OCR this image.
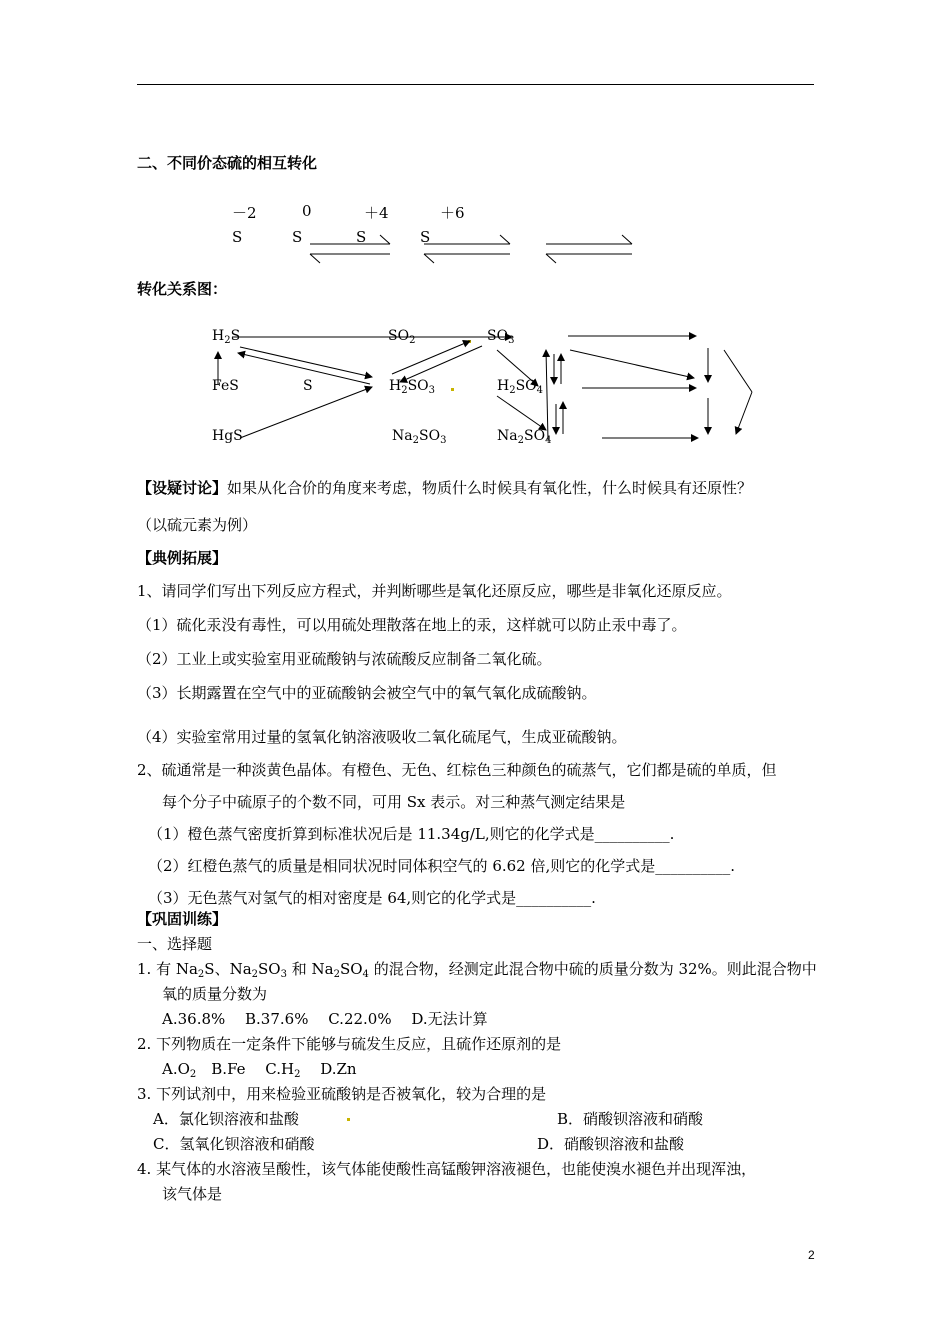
二、不同价态硫的相互转化
－2	0	＋4	＋6
S	S	S	S
转化关系图：
$H_2S$	$SO_2$	$SO_3$
FeS	S	$H_2SO_3$	$H_2SO_4$
HgS	$Na_2SO_3$	$Na_2SO_4$
【设疑讨论】如果从化合价的角度来考虑，物质什么时候具有氧化性，什么时候具有还原性？
（以硫元素为例）
【典例拓展】
1、请同学们写出下列反应方程式，并判断哪些是氧化还原反应，哪些是非氧化还原反应。
（1）硫化汞没有毒性，可以用硫处理散落在地上的汞，这样就可以防止汞中毒了。
（2）工业上或实验室用亚硫酸钠与浓硫酸反应制备二氧化硫。
（3）长期露置在空气中的亚硫酸钠会被空气中的氧气氧化成硫酸钠。
（4）实验室常用过量的氢氧化钠溶液吸收二氧化硫尾气，生成亚硫酸钠。
2、硫通常是一种淡黄色晶体。有橙色、无色、红棕色三种颜色的硫蒸气，它们都是硫的单质，但
每个分子中硫原子的个数不同，可用 Sx 表示。对三种蒸气测定结果是
（1）橙色蒸气密度折算到标准状况后是 11.34g/L,则它的化学式是__________.
（2）红橙色蒸气的质量是相同状况时同体积空气的 6.62 倍,则它的化学式是__________.
（3）无色蒸气对氢气的相对密度是 64,则它的化学式是__________.
【巩固训练】
一、选择题
1. 有 $Na_2S$、$Na_2SO_3$ 和 $Na_2SO_4$ 的混合物，经测定此混合物中硫的质量分数为 32%。则此混合物中
氧的质量分数为
A.36.8%　 B.37.6%　 C.22.0%　 D.无法计算
2. 下列物质在一定条件下能够与硫发生反应，且硫作还原剂的是
$A.O_2$　B.Fe　 $C.H_2$　 D.Zn
3. 下列试剂中，用来检验亚硫酸钠是否被氧化，较为合理的是
A．氯化钡溶液和盐酸	B．硝酸钡溶液和硝酸
C．氢氧化钡溶液和硝酸	D．硝酸钡溶液和盐酸
4. 某气体的水溶液呈酸性，该气体能使酸性高锰酸钾溶液褪色，也能使溴水褪色并出现浑浊，
该气体是
2
